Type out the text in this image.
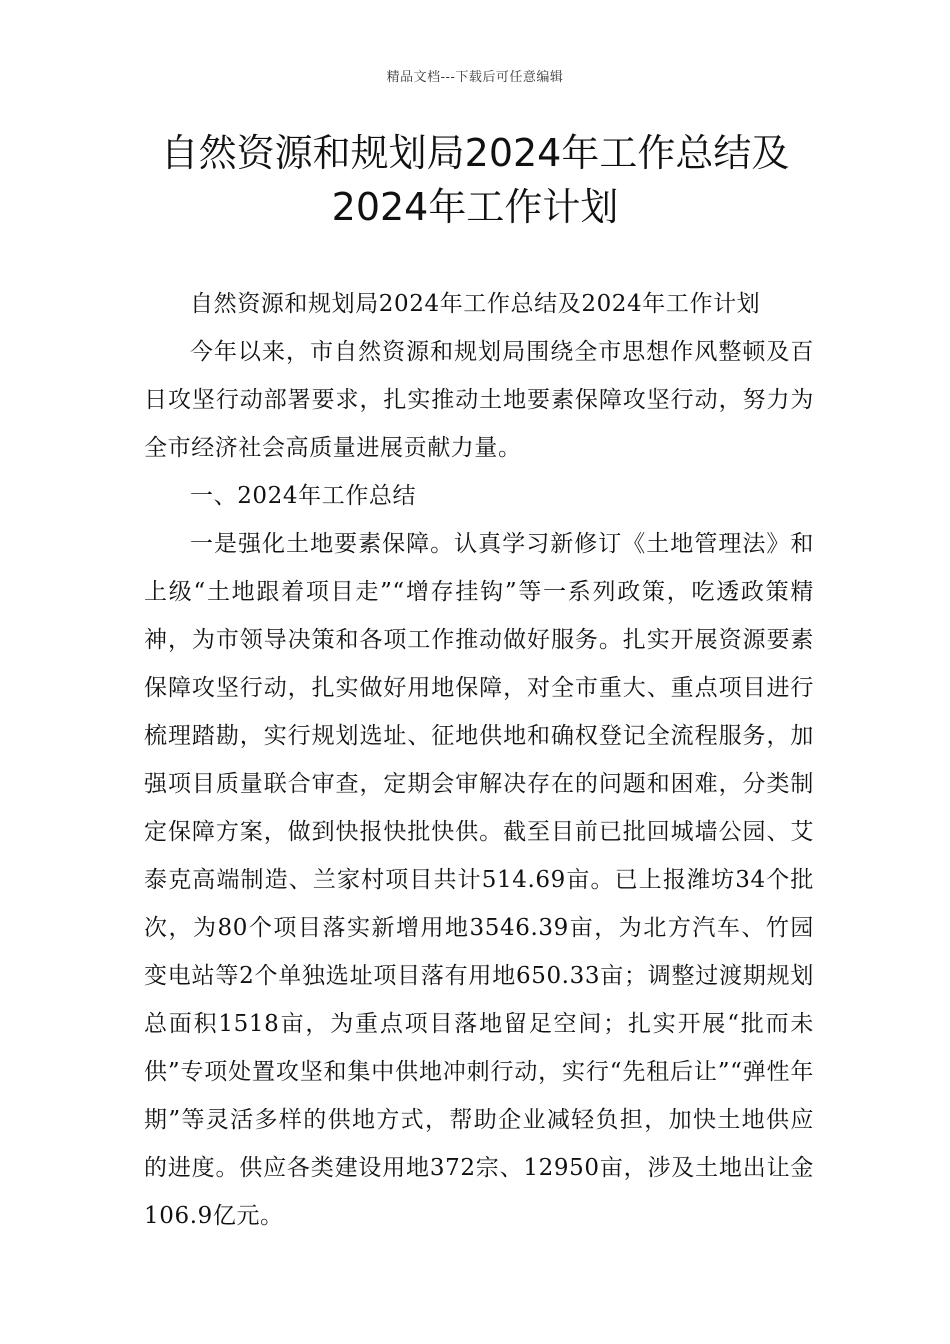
精品文档---下载后可任意编辑
自然资源和规划局2024年工作总结及
2024年工作计划

自然资源和规划局2024年工作总结及2024年工作计划

今年以来，市自然资源和规划局围绕全市思想作风整顿及百日攻坚行动部署要求，扎实推动土地要素保障攻坚行动，努力为全市经济社会高质量进展贡献力量。

一、2024年工作总结

一是强化土地要素保障。认真学习新修订《土地管理法》和上级“土地跟着项目走”“增存挂钩”等一系列政策，吃透政策精神，为市领导决策和各项工作推动做好服务。扎实开展资源要素保障攻坚行动，扎实做好用地保障，对全市重大、重点项目进行梳理踏勘，实行规划选址、征地供地和确权登记全流程服务，加强项目质量联合审查，定期会审解决存在的问题和困难，分类制定保障方案，做到快报快批快供。截至目前已批回城墙公园、艾泰克高端制造、兰家村项目共计514.69亩。已上报潍坊34个批次，为80个项目落实新增用地3546.39亩，为北方汽车、竹园变电站等2个单独选址项目落有用地650.33亩；调整过渡期规划总面积1518亩，为重点项目落地留足空间；扎实开展“批而未供”专项处置攻坚和集中供地冲刺行动，实行“先租后让”“弹性年期”等灵活多样的供地方式，帮助企业减轻负担，加快土地供应的进度。供应各类建设用地372宗、12950亩，涉及土地出让金106.9亿元。
